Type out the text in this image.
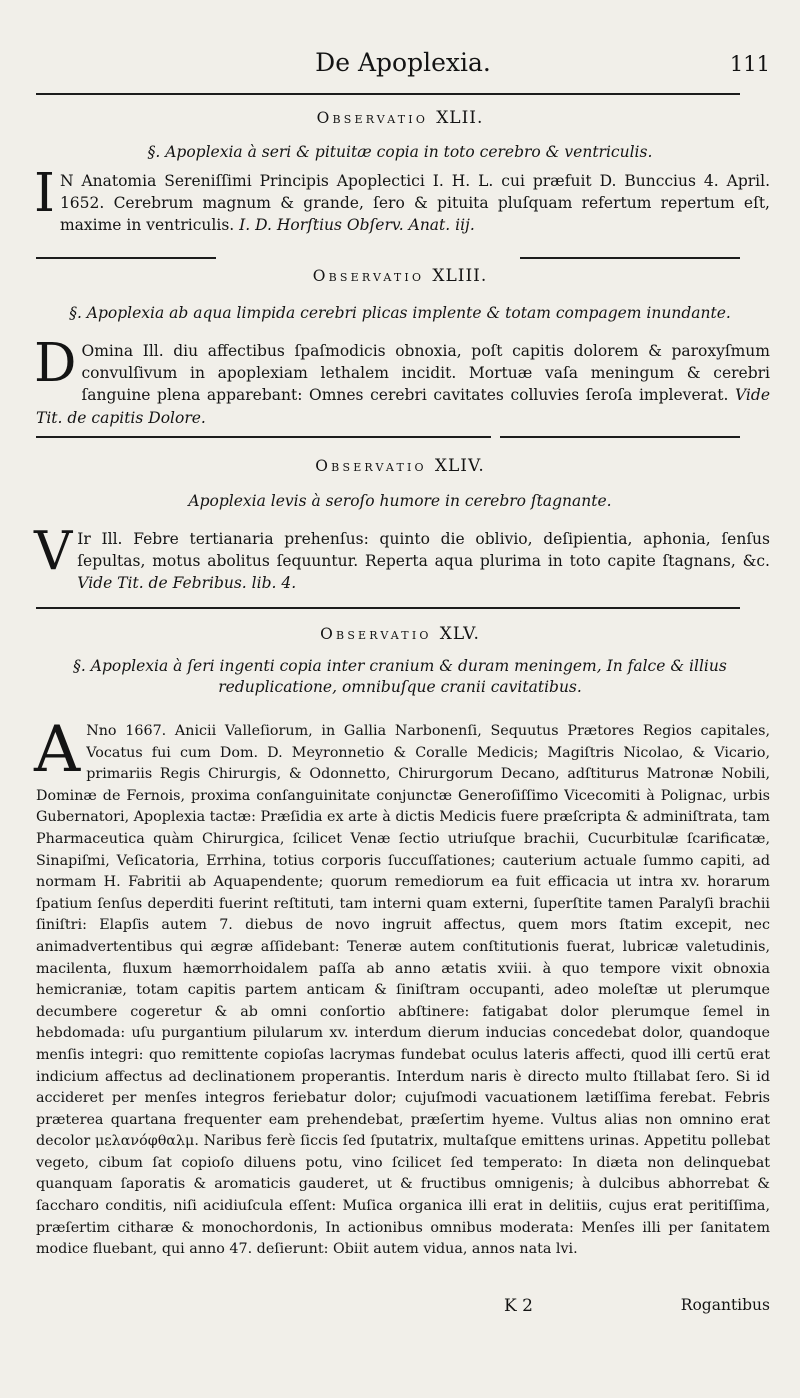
De Apoplexia.	111
Observatio XLII.
§. Apoplexia à seri & pituitæ copia in toto cerebro & ventriculis.
I N Anatomia Sereniſſimi Principis Apoplectici I. H. L. cui præfuit D. Bunccius 4. April. 1652. Cerebrum magnum & grande, ſero & pituita pluſquam refertum repertum eſt, maxime in ventriculis. I. D. Horſtius Obſerv. Anat. iij.
Observatio XLIII.
§. Apoplexia ab aqua limpida cerebri plicas implente & totam compagem inundante.
D Omina Ill. diu affectibus ſpaſmodicis obnoxia, poſt capitis dolorem & paroxyſmum convulſivum in apoplexiam lethalem incidit. Mortuæ vaſa meningum & cerebri ſanguine plena apparebant: Omnes cerebri cavitates colluvies ſeroſa impleverat. Vide Tit. de capitis Dolore.
Observatio XLIV.
Apoplexia levis à seroſo humore in cerebro ſtagnante.
V Ir Ill. Febre tertianaria prehenſus: quinto die oblivio, deſipientia, aphonia, ſenſus ſepultas, motus abolitus ſequuntur. Reperta aqua plurima in toto capite ſtagnans, &c. Vide Tit. de Febribus. lib. 4.
Observatio XLV.
§. Apoplexia à ſeri ingenti copia inter cranium & duram meningem, In falce & illius reduplicatione, omnibuſque cranii cavitatibus.
A Nno 1667. Anicii Valleſiorum, in Gallia Narbonenſi, Sequutus Prætores Regios capitales, Vocatus fui cum Dom. D. Meyronnetio & Coralle Medicis; Magiſtris Nicolao, & Vicario, primariis Regis Chirurgis, & Odonnetto, Chirurgorum Decano, adſtiturus Matronæ Nobili, Dominæ de Fernois, proxima conſanguinitate conjunctæ Generoſiſſimo Vicecomiti à Polignac, urbis Gubernatori, Apoplexia tactæ: Præſidia ex arte à dictis Medicis fuere præſcripta & adminiſtrata, tam Pharmaceutica quàm Chirurgica, ſcilicet Venæ ſectio utriuſque brachii, Cucurbitulæ ſcarificatæ, Sinapiſmi, Veſicatoria, Errhina, totius corporis ſuccuſſationes; cauterium actuale ſummo capiti, ad normam H. Fabritii ab Aquapendente; quorum remediorum ea fuit efficacia ut intra xv. horarum ſpatium ſenſus deperditi fuerint reſtituti, tam interni quam externi, ſuperſtite tamen Paralyſi brachii ſiniſtri: Elapſis autem 7. diebus de novo ingruit affectus, quem mors ſtatim excepit, nec animadvertentibus qui ægræ aſſidebant: Teneræ autem conſtitutionis fuerat, lubricæ valetudinis, macilenta, fluxum hæmorrhoidalem paſſa ab anno ætatis xviii. à quo tempore vixit obnoxia hemicraniæ, totam capitis partem anticam & ſiniſtram occupanti, adeo moleſtæ ut plerumque decumbere cogeretur & ab omni conſortio abſtinere: fatigabat dolor plerumque ſemel in hebdomada: uſu purgantium pilularum xv. interdum dierum inducias concedebat dolor, quandoque menſis integri: quo remittente copioſas lacrymas fundebat oculus lateris affecti, quod illi certū erat indicium affectus ad declinationem properantis. Interdum naris è directo multo ſtillabat ſero. Si id accideret per menſes integros feriebatur dolor; cujuſmodi vacuationem lætiſſima ferebat. Febris præterea quartana frequenter eam prehendebat, præſertim hyeme. Vultus alias non omnino erat decolor μελανόφθαλμ. Naribus ferè ſiccis ſed ſputatrix, multaſque emittens urinas. Appetitu pollebat vegeto, cibum ſat copioſo diluens potu, vino ſcilicet ſed temperato: In diæta non delinquebat quanquam ſaporatis & aromaticis gauderet, ut & fructibus omnigenis; à dulcibus abhorrebat & ſaccharo conditis, niſi acidiuſcula eſſent: Muſica organica illi erat in delitiis, cujus erat peritiſſima, præſertim citharæ & monochordonis, In actionibus omnibus moderata: Menſes illi per ſanitatem modice fluebant, qui anno 47. deſierunt: Obiit autem vidua, annos nata lvi.
K 2	Rogantibus
